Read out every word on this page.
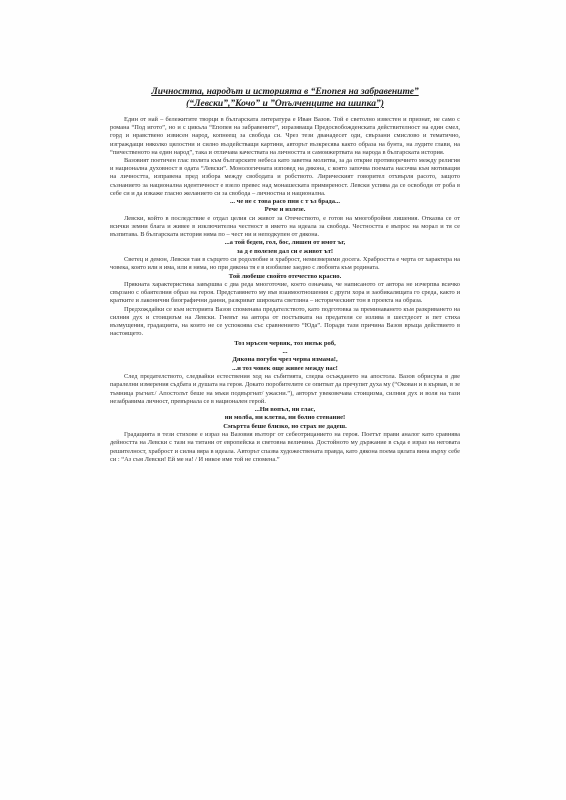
Личността, народът и историята в “Епопея на забравените”
(“Левски”,”Кочо” и ”Опълченците на шипка”)

Един от най – бележитите творци в българската литература е Иван Вазов. Той е светолно известен и признат, не само с романа “Под игото”, но и с цикъла “Епопея на забравените”, изразяваща Предосвобожденската действителност на един смел, горд и нравствено извисен народ, копнеещ за свобода си. Чрез тези дванадесет оди, свързани смислово и тематично, изграждащи няколко цялостни и силно въздействащи картини, авторът възкресява както образа на бунта, на лудите глави, на “пичественото на един народ”, така и отличава качествата на личността и самоижертвата на народа в българската история.

Вазовият поетичен глас полита към българските небеса като заветна молитва, за да открие противоречието между религия и национална духовност в одата “Левски”. Монологичната изповед на дякона, с която започва поемата насочва към мотивация на личността, изправена пред избора между свободата и робството. Лирическият говорител отхвърля расото, защото съзнанието за национална идентичност е взело превес над монашеската примиреност. Левски успява да се освободи от роба в себе си и да изкаже гласно желанието си за свобода – личностна и национална.

... че не с това расо пни с т ъз брада...
Рече и излезе.

Левски, който в последствие е отдал целия си живот за Отечеството, е готов на многобройни лишения. Отказва се от всички земни блага и живее в изключителна честност в името на идеала за свобода. Честността е въпрос на морал и тя се възпитава. В българската история няма по – чест ни и неподкупен от дякона.

...а той беден, гол, бос, лишен от имот ъг,
за д е полезен дал си е живот ът!

Светец и демон, Левски таи в сърцето си родолюбие и храброст, немизмерими досега. Храбростта е черта от характера на човека, която или я има, или я няма, но при дякона тя е в изобилие заедно с любовта към родината.

Той любеше свойто отечество красно.

Прякната характеристика завършва с два реда многоточие, което означава, че написаното от автора не изчерпва всичко свързано с обаятелния образ на героя. Представянето му във взаимоотношения с други хора и заобикалящата го среда, както и кратките и лаконични биографични данни, разкриват широката светлина – историческият тон в проекта на образа.

Предхождайки се към историята Вазов споменава предателството, като подготовка за преминаването към разкриването на силния дух и стоицизъм на Левски. Гневът на автора от постъпката на предателя се излива в шестдесет и пет стиха възмущения, градацията, на които не се успокоява със сравнението “Юда”. Поради тази причина Вазов връща действието в настоящето.

Тоз мръсен червяк, тоз низък роб,
...
Дякона погуби чрез черна измама!,
...и тоз човек още живее между нас!

След предателството, следвайки естествения ход на събитията, следва осъждането на апостола. Вазов обрисува в две паралелни измерения съдбата и душата на героя. Докато поробителите се опитват да пречупят духа му (“Окован и в кървав, в зе тъмница ръгнат./ Апостолът беше на мъки подвъргнат/ ужасни.”), авторът увековечава стоицизма, силния дух и воля на тази незабравима личност, превърнала се в национален герой.

...Ни вопъл, ни глас,
ни молба, ни клетва, ни болно стенание!
Смъртта беше близко, но страх не дадеш.

Градацията в тези стихове е израз на Вазовия възторг от себеотрицанието на героя. Поетът прави аналог като сравнява дейността на Левски с тази на титани от европейска и световна величина. Достойното му държание в съда е израз на неговата решителност, храброст и силна вяра в идеала. Авторът спазва художествената правда, като дякона поема цялата вина върху себе си : “Аз съм Левски! Ей ме на! / И никое име той не спомена.”
